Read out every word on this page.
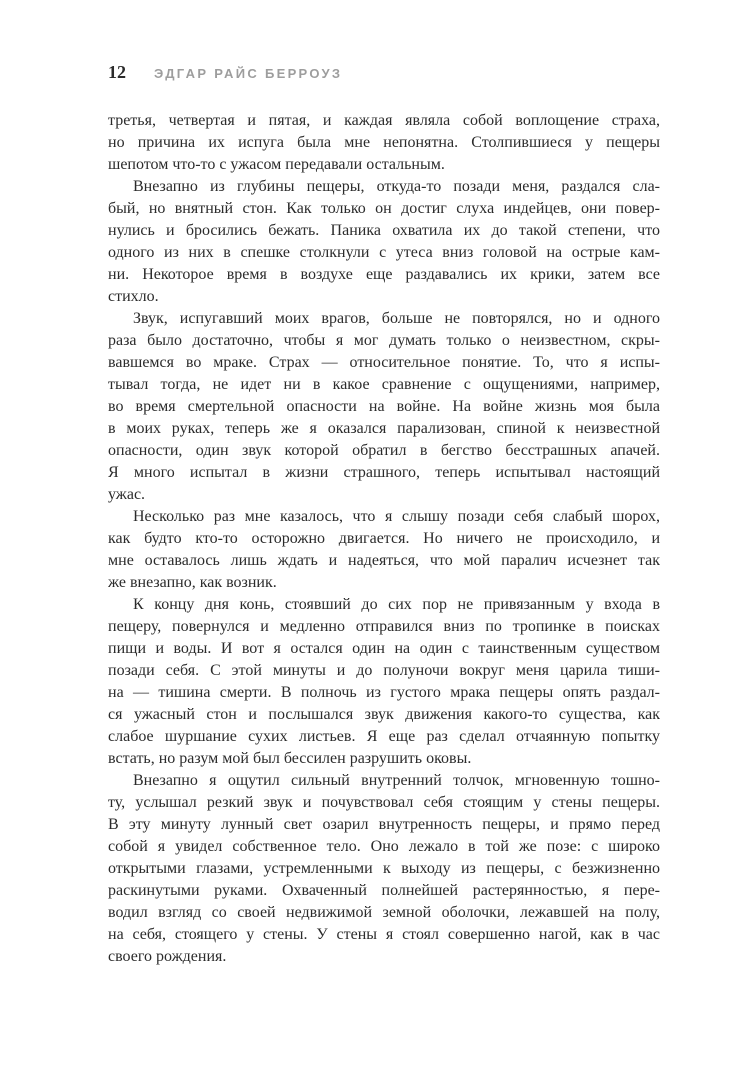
12 ЭДГАР РАЙС БЕРРОУЗ
третья, четвертая и пятая, и каждая являла собой воплощение страха,
но причина их испуга была мне непонятна. Столпившиеся у пещеры
шепотом что-то с ужасом передавали остальным.
Внезапно из глубины пещеры, откуда-то позади меня, раздался сла-
бый, но внятный стон. Как только он достиг слуха индейцев, они повер-
нулись и бросились бежать. Паника охватила их до такой степени, что
одного из них в спешке столкнули с утеса вниз головой на острые кам-
ни. Некоторое время в воздухе еще раздавались их крики, затем все
стихло.
Звук, испугавший моих врагов, больше не повторялся, но и одного
раза было достаточно, чтобы я мог думать только о неизвестном, скры-
вавшемся во мраке. Страх — относительное понятие. То, что я испы-
тывал тогда, не идет ни в какое сравнение с ощущениями, например,
во время смертельной опасности на войне. На войне жизнь моя была
в моих руках, теперь же я оказался парализован, спиной к неизвестной
опасности, один звук которой обратил в бегство бесстрашных апачей.
Я много испытал в жизни страшного, теперь испытывал настоящий
ужас.
Несколько раз мне казалось, что я слышу позади себя слабый шорох,
как будто кто-то осторожно двигается. Но ничего не происходило, и
мне оставалось лишь ждать и надеяться, что мой паралич исчезнет так
же внезапно, как возник.
К концу дня конь, стоявший до сих пор не привязанным у входа в
пещеру, повернулся и медленно отправился вниз по тропинке в поисках
пищи и воды. И вот я остался один на один с таинственным существом
позади себя. С этой минуты и до полуночи вокруг меня царила тиши-
на — тишина смерти. В полночь из густого мрака пещеры опять раздал-
ся ужасный стон и послышался звук движения какого-то существа, как
слабое шуршание сухих листьев. Я еще раз сделал отчаянную попытку
встать, но разум мой был бессилен разрушить оковы.
Внезапно я ощутил сильный внутренний толчок, мгновенную тошно-
ту, услышал резкий звук и почувствовал себя стоящим у стены пещеры.
В эту минуту лунный свет озарил внутренность пещеры, и прямо перед
собой я увидел собственное тело. Оно лежало в той же позе: с широко
открытыми глазами, устремленными к выходу из пещеры, с безжизненно
раскинутыми руками. Охваченный полнейшей растерянностью, я пере-
водил взгляд со своей недвижимой земной оболочки, лежавшей на полу,
на себя, стоящего у стены. У стены я стоял совершенно нагой, как в час
своего рождения.
